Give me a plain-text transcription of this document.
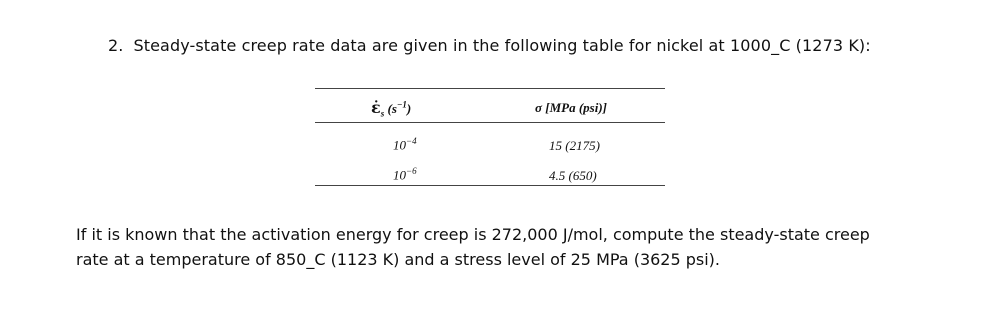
2. Steady-state creep rate data are given in the following table for nickel at 1000_C (1273 K):
$\varepsiloṅ_s$ $(s^{-1})$	σ [MPa (psi)]
$10^{-4}$	15 (2175)
$10^{-6}$	4.5 (650)
If it is known that the activation energy for creep is 272,000 J/mol, compute the steady-state creep
rate at a temperature of 850_C (1123 K) and a stress level of 25 MPa (3625 psi).
